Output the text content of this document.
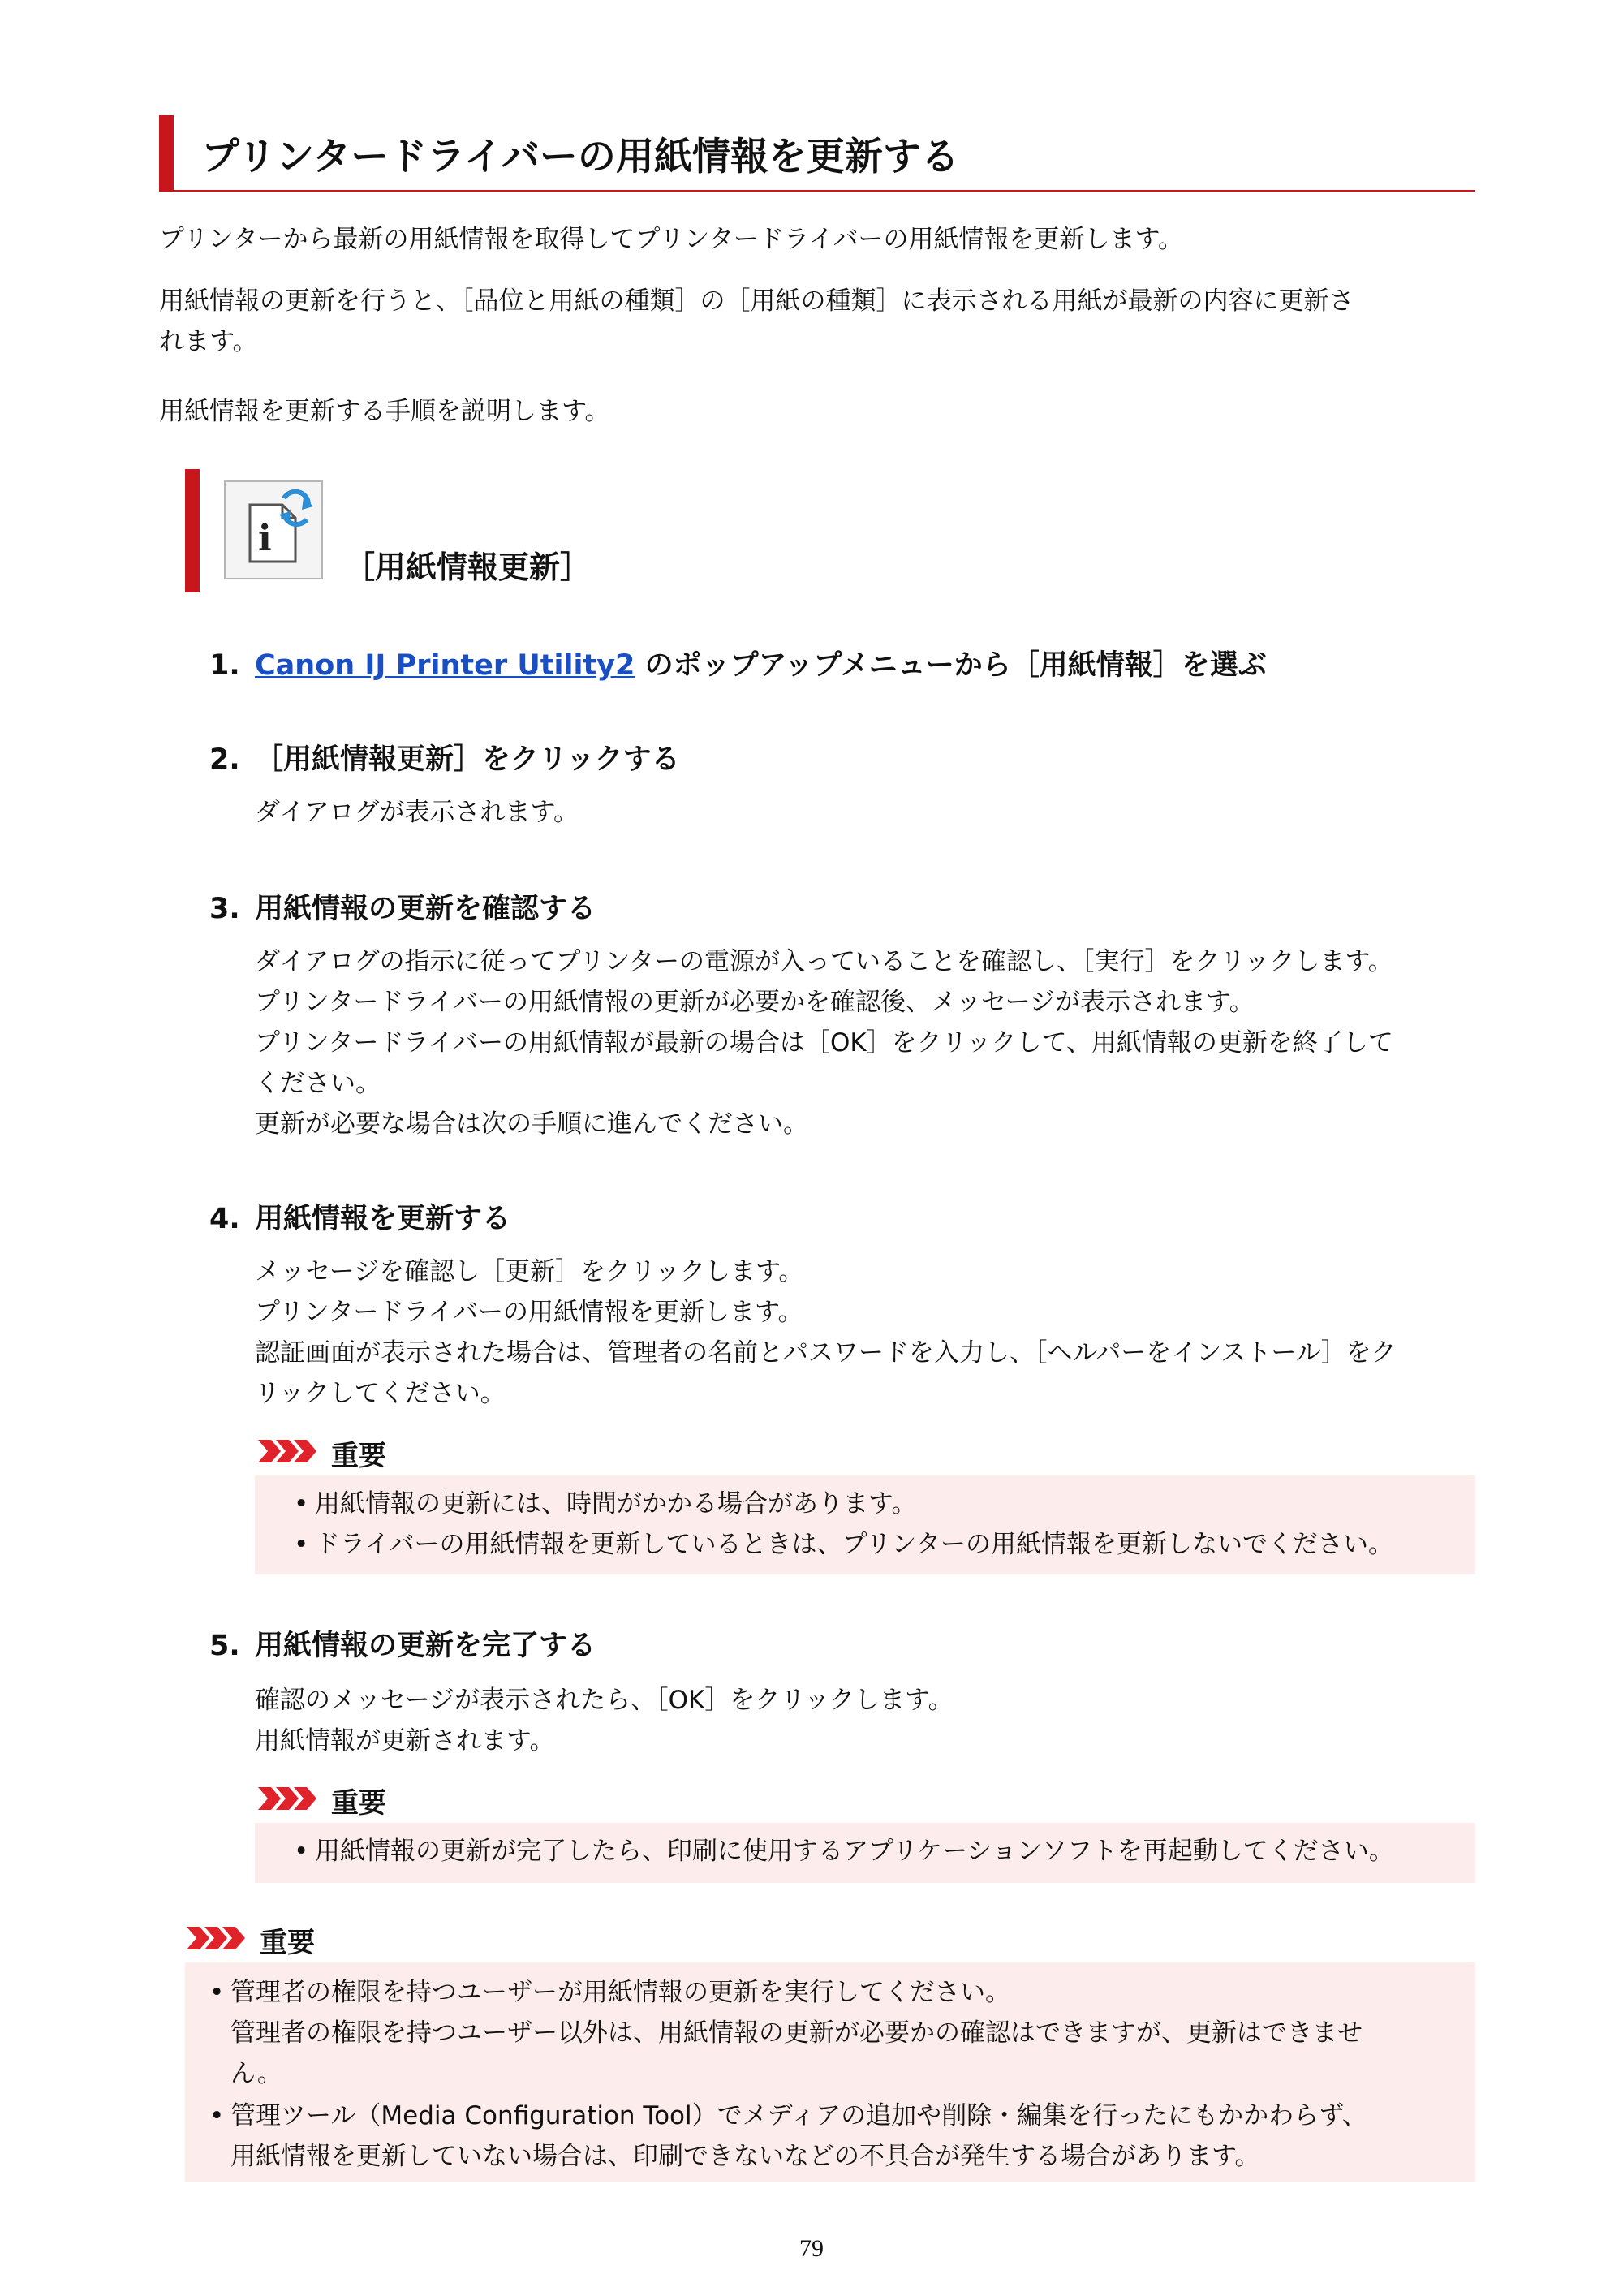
プリンタードライバーの用紙情報を更新する
プリンターから最新の用紙情報を取得してプリンタードライバーの用紙情報を更新します。
用紙情報の更新を行うと、［品位と用紙の種類］の［用紙の種類］に表示される用紙が最新の内容に更新さ
れます。
用紙情報を更新する手順を説明します。
i
［用紙情報更新］
1. Canon IJ Printer Utility2 のポップアップメニューから［用紙情報］を選ぶ
2. ［用紙情報更新］をクリックする
ダイアログが表示されます。
3. 用紙情報の更新を確認する
ダイアログの指示に従ってプリンターの電源が入っていることを確認し、［実行］をクリックします。
プリンタードライバーの用紙情報の更新が必要かを確認後、メッセージが表示されます。
プリンタードライバーの用紙情報が最新の場合は［OK］をクリックして、用紙情報の更新を終了して
ください。
更新が必要な場合は次の手順に進んでください。
4. 用紙情報を更新する
メッセージを確認し［更新］をクリックします。
プリンタードライバーの用紙情報を更新します。
認証画面が表示された場合は、管理者の名前とパスワードを入力し、［ヘルパーをインストール］をク
リックしてください。
重要
• 用紙情報の更新には、時間がかかる場合があります。
• ドライバーの用紙情報を更新しているときは、プリンターの用紙情報を更新しないでください。
5. 用紙情報の更新を完了する
確認のメッセージが表示されたら、［OK］をクリックします。
用紙情報が更新されます。
重要
• 用紙情報の更新が完了したら、印刷に使用するアプリケーションソフトを再起動してください。
重要
• 管理者の権限を持つユーザーが用紙情報の更新を実行してください。
管理者の権限を持つユーザー以外は、用紙情報の更新が必要かの確認はできますが、更新はできませ
ん。
• 管理ツール（Media Configuration Tool）でメディアの追加や削除・編集を行ったにもかかわらず、
用紙情報を更新していない場合は、印刷できないなどの不具合が発生する場合があります。
79
